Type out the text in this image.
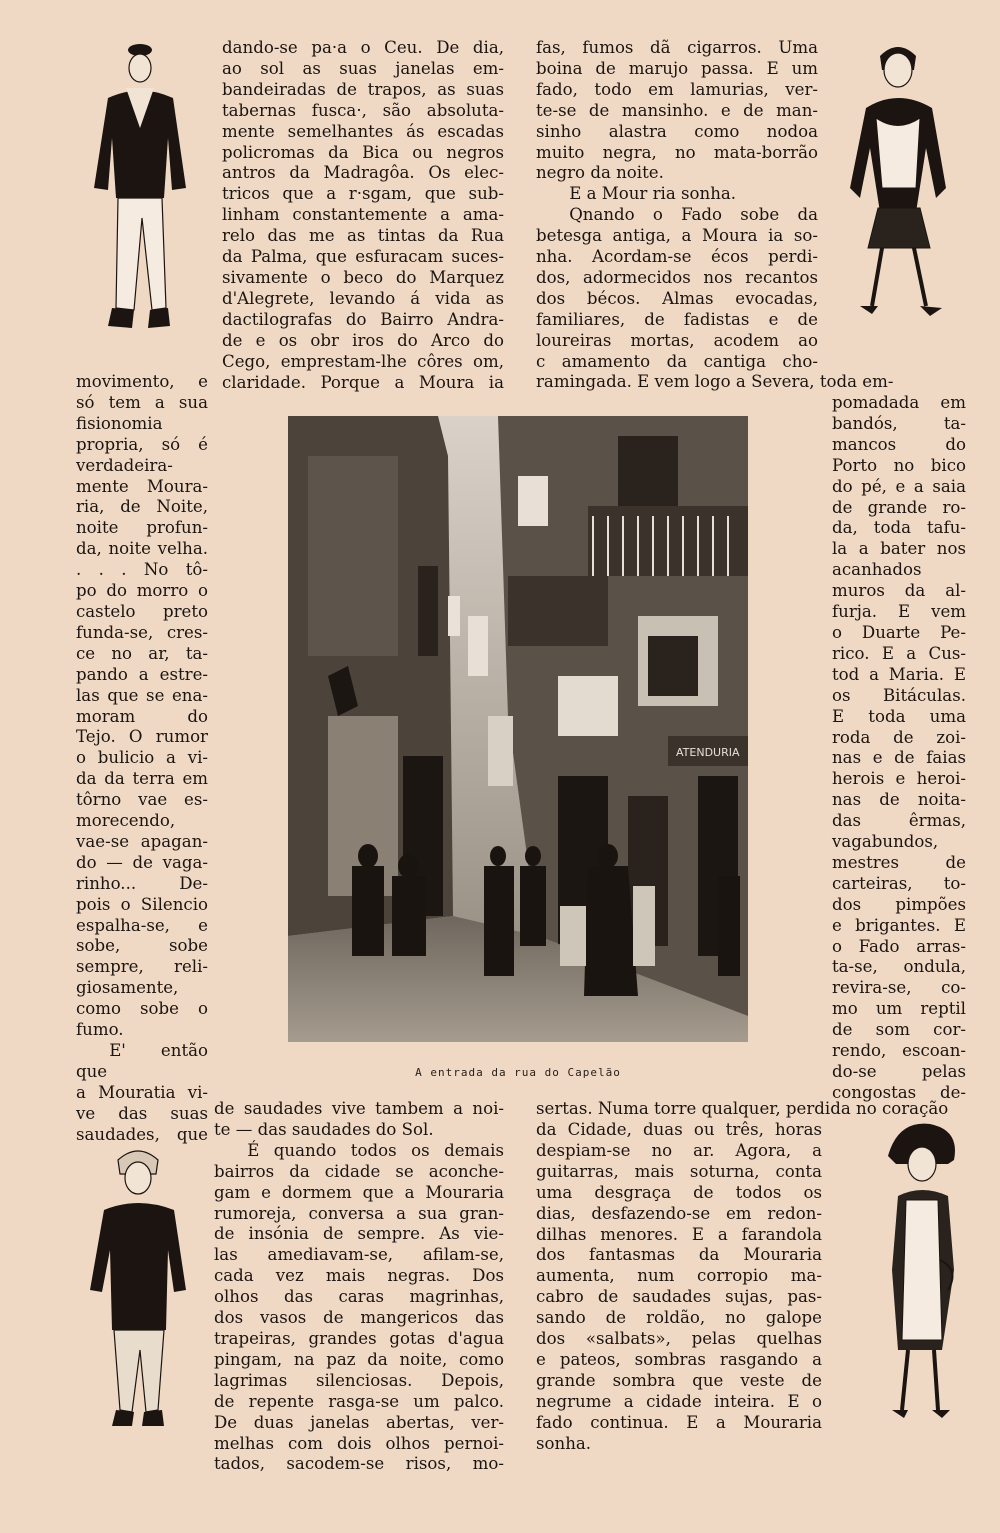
dando-se pa·a o Ceu. De dia,

ao sol as suas janelas em-

bandeiradas de trapos, as suas

tabernas fusca·, são absoluta-

mente semelhantes ás escadas

policromas da Bica ou negros

antros da Madragôa. Os elec-

tricos que a r·sgam, que sub-

linham constantemente a ama-

relo das me as tintas da Rua

da Palma, que esfuracam suces-

sivamente o beco do Marquez

d'Alegrete, levando á vida as

dactilografas do Bairro Andra-

de e os obr iros do Arco do

Cego, emprestam-lhe côres om,

claridade. Porque a Moura ia

fas, fumos dã cigarros. Uma

boina de marujo passa. E um

fado, todo em lamurias, ver-

te-se de mansinho. e de man-

sinho alastra como nodoa

muito negra, no mata-borrão

negro da noite.

E a Mour ria sonha.

Qnando o Fado sobe da

betesga antiga, a Moura ia so-

nha. Acordam-se écos perdi-

dos, adormecidos nos recantos

dos bécos. Almas evocadas,

familiares, de fadistas e de

loureiras mortas, acodem ao

c amamento da cantiga cho-

ramingada. E vem logo a Severa, toda em-

movimento, e

só tem a sua

fisionomia

propria, só é

verdadeira-

mente Moura-

ria, de Noite,

noite profun-

da, noite velha.

. . . No tô-

po do morro o

castelo preto

funda-se, cres-

ce no ar, ta-

pando a estre-

las que se ena-

moram do

Tejo. O rumor

o bulicio a vi-

da da terra em

tôrno vae es-

morecendo,

vae-se apagan-

do — de vaga-

rinho... De-

pois o Silencio

espalha-se, e

sobe, sobe

sempre, reli-

giosamente,

como sobe o

fumo.

E' então que

a Mouratia vi-

ve das suas

saudades, que

pomadada em

bandós, ta-

mancos do

Porto no bico

do pé, e a saia

de grande ro-

da, toda tafu-

la a bater nos

acanhados

muros da al-

furja. E vem

o Duarte Pe-

rico. E a Cus-

tod a Maria. E

os Bitáculas.

E toda uma

roda de zoi-

nas e de faias

herois e heroi-

nas de noita-

das êrmas,

vagabundos,

mestres de

carteiras, to-

dos pimpões

e brigantes. E

o Fado arras-

ta-se, ondula,

revira-se, co-

mo um reptil

de som cor-

rendo, escoan-

do-se pelas

congostas de-

ATENDURIA
A entrada da rua do Capelão

de saudades vive tambem a noi-

te — das saudades do Sol.

É quando todos os demais

bairros da cidade se aconche-

gam e dormem que a Mouraria

rumoreja, conversa a sua gran-

de insónia de sempre. As vie-

las amediavam-se, afilam-se,

cada vez mais negras. Dos

olhos das caras magrinhas,

dos vasos de mangericos das

trapeiras, grandes gotas d'agua

pingam, na paz da noite, como

lagrimas silenciosas. Depois,

de repente rasga-se um palco.

De duas janelas abertas, ver-

melhas com dois olhos pernoi-

tados, sacodem-se risos, mo-

sertas. Numa torre qualquer, perdida no coração

da Cidade, duas ou três, horas

despiam-se no ar. Agora, a

guitarras, mais soturna, conta

uma desgraça de todos os

dias, desfazendo-se em redon-

dilhas menores. E a farandola

dos fantasmas da Mouraria

aumenta, num corropio ma-

cabro de saudades sujas, pas-

sando de roldão, no galope

dos «salbats», pelas quelhas

e pateos, sombras rasgando a

grande sombra que veste de

negrume a cidade inteira. E o

fado continua. E a Mouraria

sonha.
